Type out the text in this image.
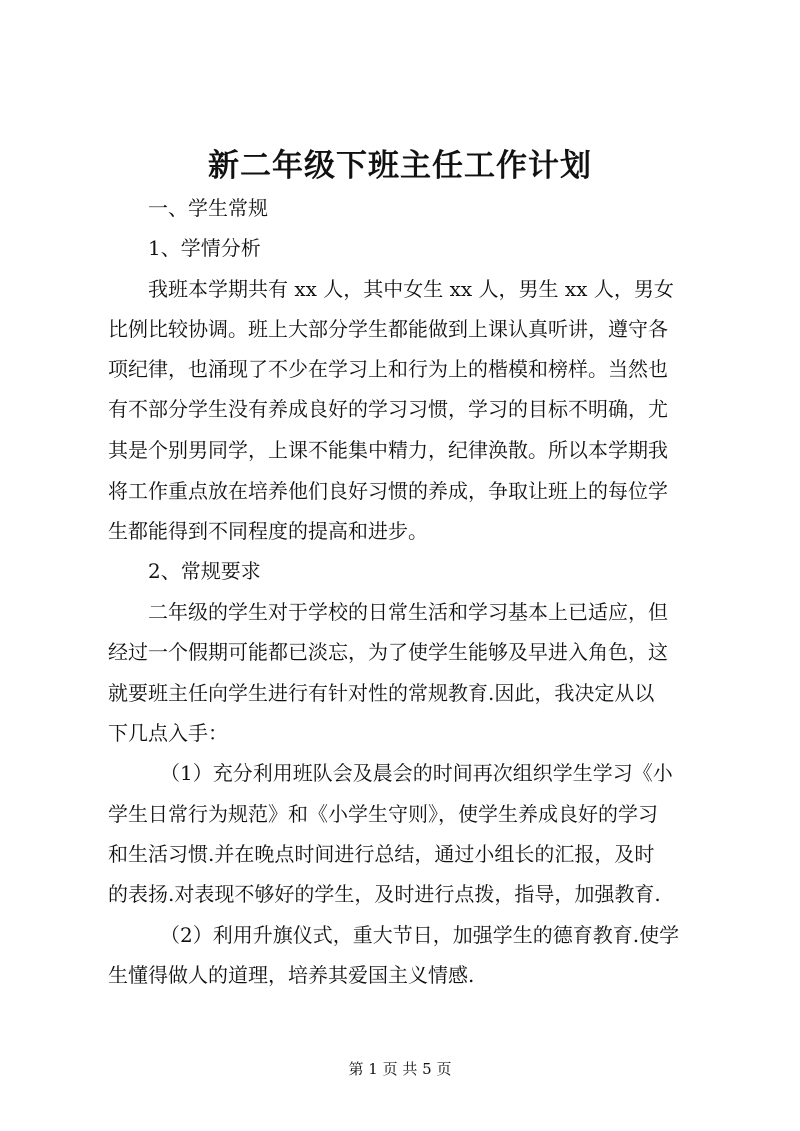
新二年级下班主任工作计划
一、学生常规
1、学情分析
我班本学期共有 xx 人，其中女生 xx 人，男生 xx 人，男女
比例比较协调。班上大部分学生都能做到上课认真听讲，遵守各
项纪律，也涌现了不少在学习上和行为上的楷模和榜样。当然也
有不部分学生没有养成良好的学习习惯，学习的目标不明确，尤
其是个别男同学，上课不能集中精力，纪律涣散。所以本学期我
将工作重点放在培养他们良好习惯的养成，争取让班上的每位学
生都能得到不同程度的提高和进步。
2、常规要求
二年级的学生对于学校的日常生活和学习基本上已适应，但
经过一个假期可能都已淡忘，为了使学生能够及早进入角色，这
就要班主任向学生进行有针对性的常规教育.因此，我决定从以
下几点入手：
（1）充分利用班队会及晨会的时间再次组织学生学习《小
学生日常行为规范》和《小学生守则》，使学生养成良好的学习
和生活习惯.并在晚点时间进行总结，通过小组长的汇报，及时
的表扬.对表现不够好的学生，及时进行点拨，指导，加强教育.
（2）利用升旗仪式，重大节日，加强学生的德育教育.使学
生懂得做人的道理，培养其爱国主义情感.
第 1 页 共 5 页
